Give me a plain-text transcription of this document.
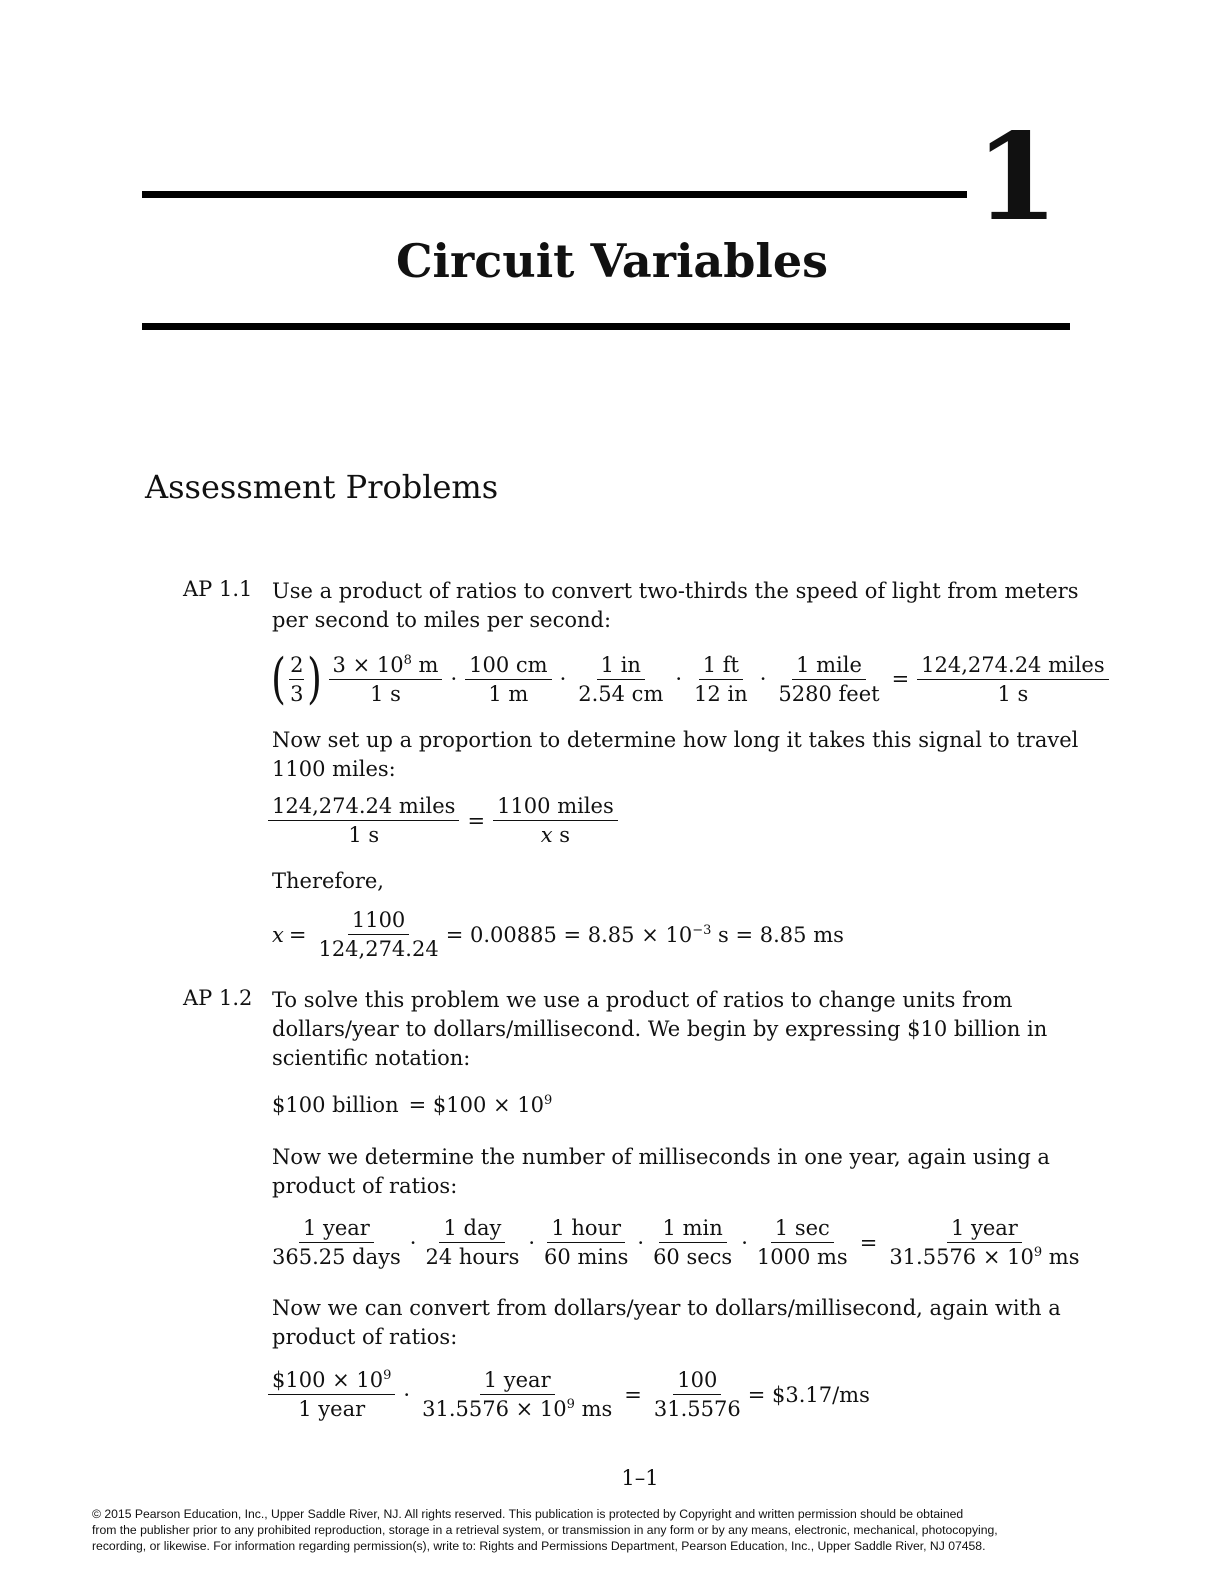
1
Circuit Variables
Assessment Problems
AP 1.1 Use a product of ratios to convert two-thirds the speed of light from meters
per second to miles per second:
( $\frac{2}{3}$ ) $\frac{3 \times 10^8 m}{1 s} \cdot \frac{100 cm}{1 m} \cdot \frac{1 in}{2.54 cm} \cdot \frac{1 ft}{12 in} \cdot \frac{\text{1 mile}}{\text{5280 feet}} = \frac{\text{124,274.24 miles}}{1 s}$
Now set up a proportion to determine how long it takes this signal to travel
1100 miles:
$\frac{\text{124,274.24 miles}}{1 s} = \frac{\text{1100 miles}}{\text{x s}}$
Therefore,
$x = \frac{1100}{124,274.24} = 0.00885 = 8.85 \times 10^{-3}$ s = 8.85 ms
AP 1.2 To solve this problem we use a product of ratios to change units from
dollars/year to dollars/millisecond. We begin by expressing $10 billion in
scientific notation:
$100 billion = $100 × $10^9$
Now we determine the number of milliseconds in one year, again using a
product of ratios:
$\frac{\text{1 year}}{\text{365.25 days}} \cdot \frac{\text{1 day}}{\text{24 hours}} \cdot \frac{\text{1 hour}}{60 \min s} \cdot \frac{1 \min}{60 \sec s} \cdot \frac{1 \sec}{1000 ms} = \frac{\text{1 year}}{31.5576 \times 10^9 ms}$
Now we can convert from dollars/year to dollars/millisecond, again with a
product of ratios:
$\frac{\$100 \times 10^9}{\text{1 year}} \cdot \frac{\text{1 year}}{31.5576 \times 10^9 ms} = \frac{100}{31.5576}$ = $3.17/ms
1–1
© 2015 Pearson Education, Inc., Upper Saddle River, NJ. All rights reserved. This publication is protected by Copyright and written permission should be obtained
from the publisher prior to any prohibited reproduction, storage in a retrieval system, or transmission in any form or by any means, electronic, mechanical, photocopying,
recording, or likewise. For information regarding permission(s), write to: Rights and Permissions Department, Pearson Education, Inc., Upper Saddle River, NJ 07458.
